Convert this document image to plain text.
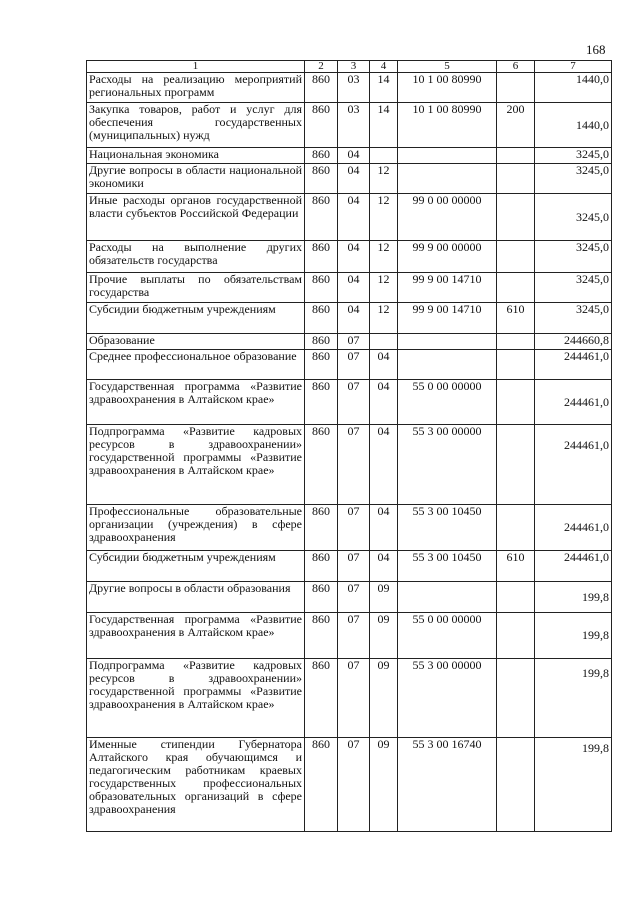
168
1	2	3	4	5	6	7
Расходы на реализацию мероприятий региональных программ	860	03	14	10 1 00 80990		1440,0
Закупка товаров, работ и услуг для обеспечения государственных (муниципальных) нужд	860	03	14	10 1 00 80990	200	1440,0
Национальная экономика	860	04				3245,0
Другие вопросы в области национальной экономики	860	04	12			3245,0
Иные расходы органов государственной власти субъектов Российской Федерации	860	04	12	99 0 00 00000		3245,0
Расходы на выполнение других обязательств государства	860	04	12	99 9 00 00000		3245,0
Прочие выплаты по обязательствам государства	860	04	12	99 9 00 14710		3245,0
Субсидии бюджетным учреждениям	860	04	12	99 9 00 14710	610	3245,0
Образование	860	07				244660,8
Среднее профессиональное образование	860	07	04			244461,0
Государственная программа «Развитие здравоохранения в Алтайском крае»	860	07	04	55 0 00 00000		244461,0
Подпрограмма «Развитие кадровых ресурсов в здравоохранении» государственной программы «Развитие здравоохранения в Алтайском крае»	860	07	04	55 3 00 00000		244461,0
Профессиональные образовательные организации (учреждения) в сфере здравоохранения	860	07	04	55 3 00 10450		244461,0
Субсидии бюджетным учреждениям	860	07	04	55 3 00 10450	610	244461,0
Другие вопросы в области образования	860	07	09			199,8
Государственная программа «Развитие здравоохранения в Алтайском крае»	860	07	09	55 0 00 00000		199,8
Подпрограмма «Развитие кадровых ресурсов в здравоохранении» государственной программы «Развитие здравоохранения в Алтайском крае»	860	07	09	55 3 00 00000		199,8
Именные стипендии Губернатора Алтайского края обучающимся и педагогическим работникам краевых государственных профессиональных образовательных организаций в сфере здравоохранения	860	07	09	55 3 00 16740		199,8
